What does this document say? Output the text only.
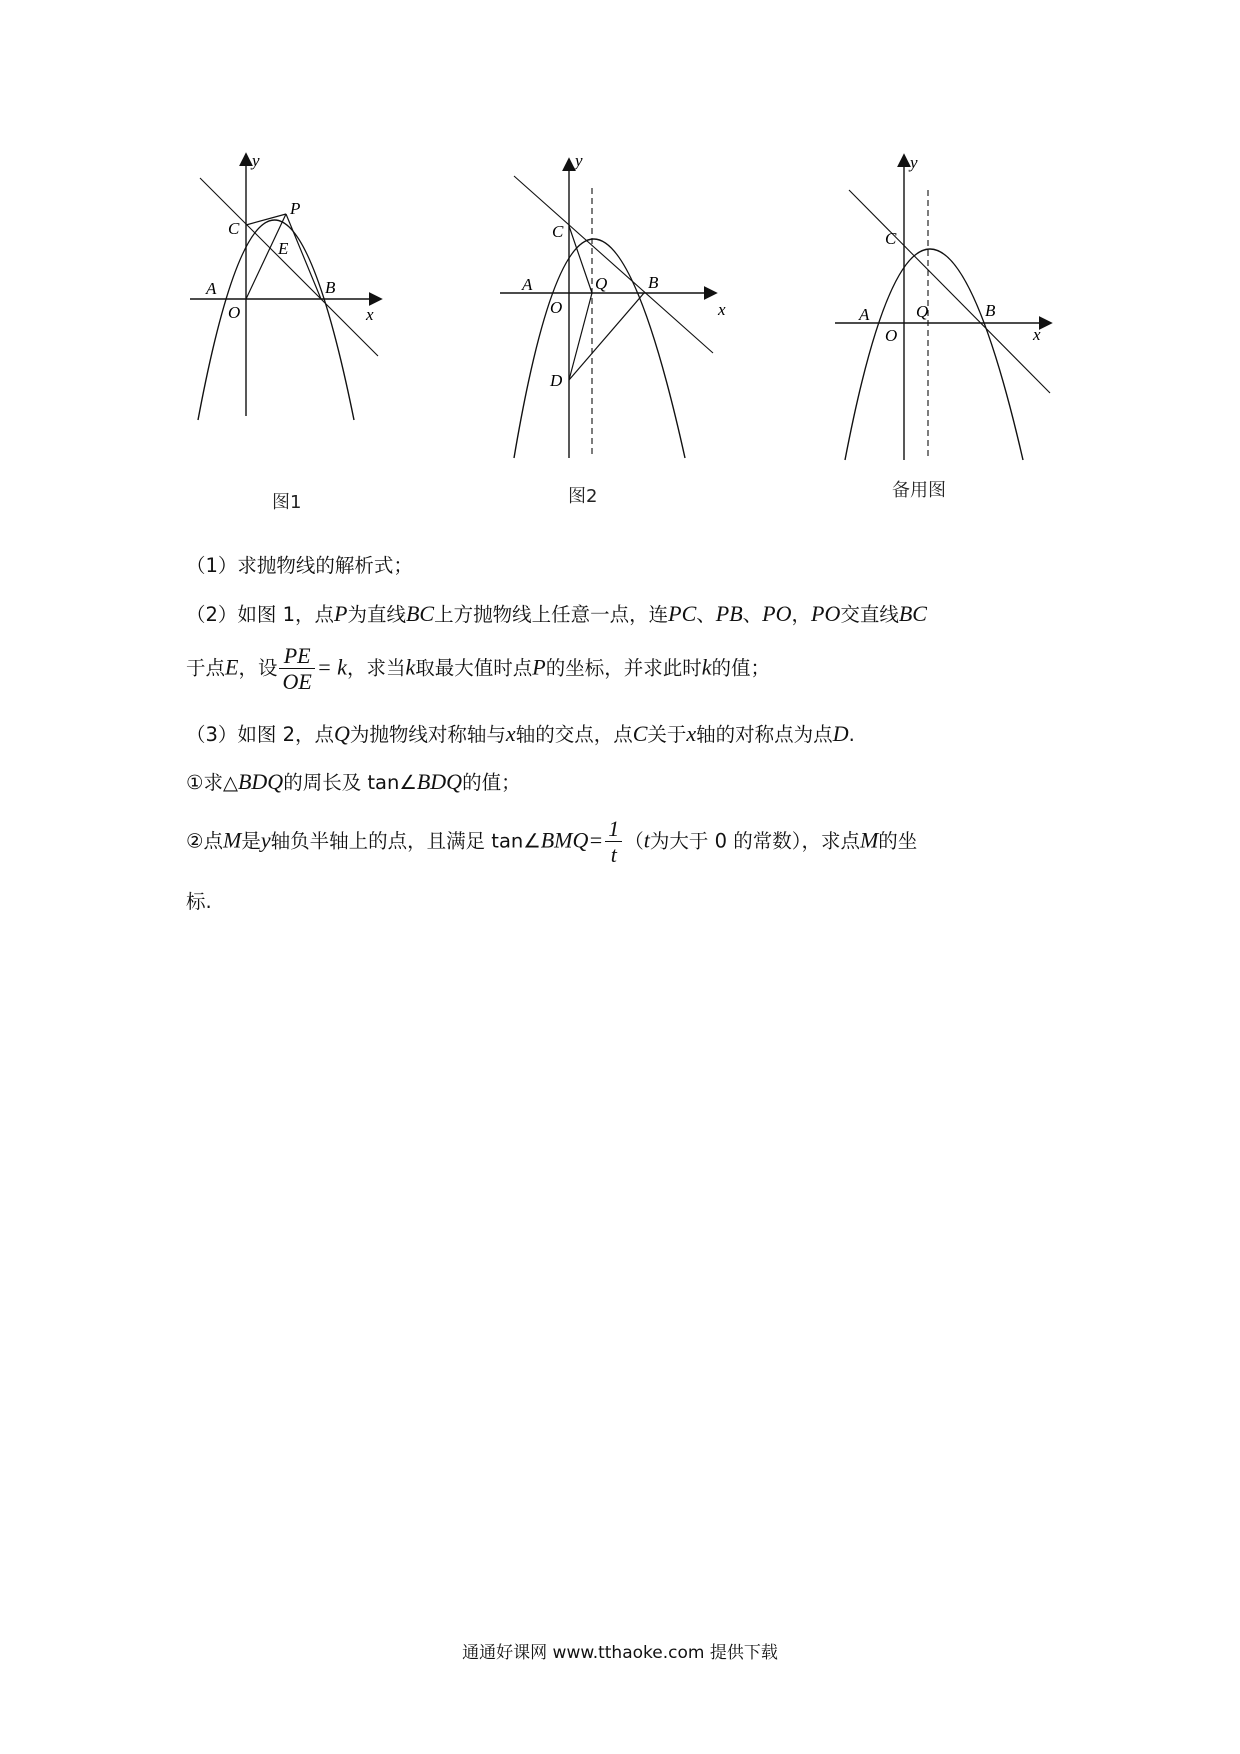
y
x
C
P
E
A
O
B
图1
y
x
C
A
O
Q B
D
图2
y
x
C
A
O
Q	B
备用图
（1）求抛物线的解析式；
（2）如图 1，点P为直线BC上方抛物线上任意一点，连PC、PB、PO，PO交直线BC
于点E，设 $\frac{PE}{OE} = k$，求当k取最大值时点P的坐标，并求此时k的值；
（3）如图 2，点Q为抛物线对称轴与x轴的交点，点C关于x轴的对称点为点D.
①求△BDQ的周长及 tan∠BDQ的值；
②点M是y轴负半轴上的点，且满足 tan∠BMQ= $\frac{1}{t} (t$为大于 0 的常数），求点M的坐
标.
通通好课网 www.tthaoke.com 提供下载
